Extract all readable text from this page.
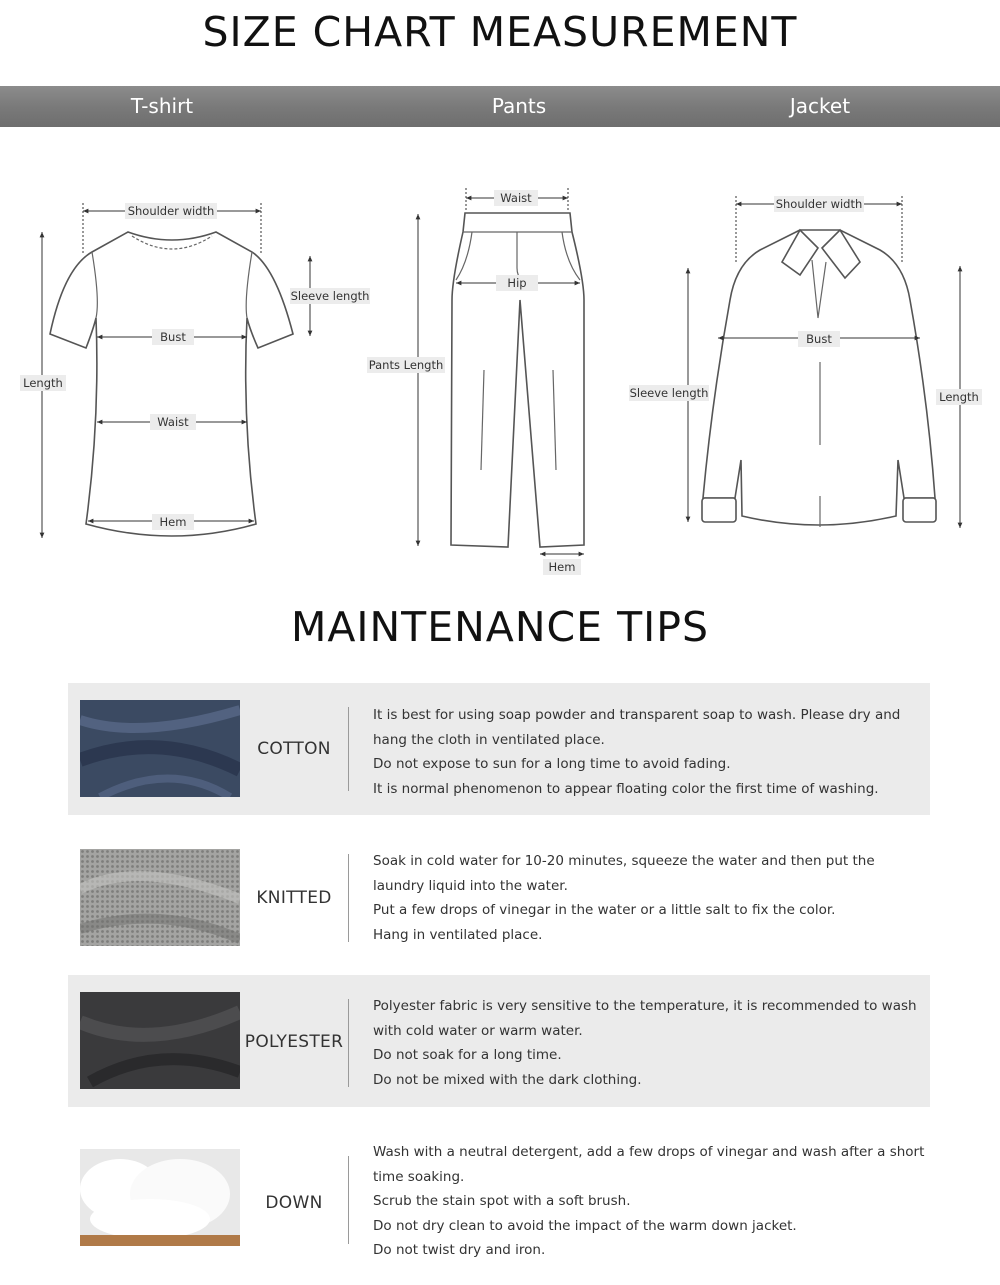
SIZE CHART MEASUREMENT
T-shirt	Pants	Jacket
Shoulder width
Sleeve length
Length
Bust
Waist
Hem
Waist
Hip
Pants Length
Hem
Shoulder width
Bust
Sleeve length	Length
MAINTENANCE TIPS
COTTON
It is best for using soap powder and transparent soap to wash. Please dry and hang the cloth in ventilated place.
Do not expose to sun for a long time to avoid fading.
It is normal phenomenon to appear floating color the first time of washing.
KNITTED
Soak in cold water for 10-20 minutes, squeeze the water and then put the laundry liquid into the water.
Put a few drops of vinegar in the water or a little salt to fix the color.
Hang in ventilated place.
POLYESTER
Polyester fabric is very sensitive to the temperature, it is recommended to wash with cold water or warm water.
Do not soak for a long time.
Do not be mixed with the dark clothing.
DOWN
Wash with a neutral detergent, add a few drops of vinegar and wash after a short time soaking.
Scrub the stain spot with a soft brush.
Do not dry clean to avoid the impact of the warm down jacket.
Do not twist dry and iron.
